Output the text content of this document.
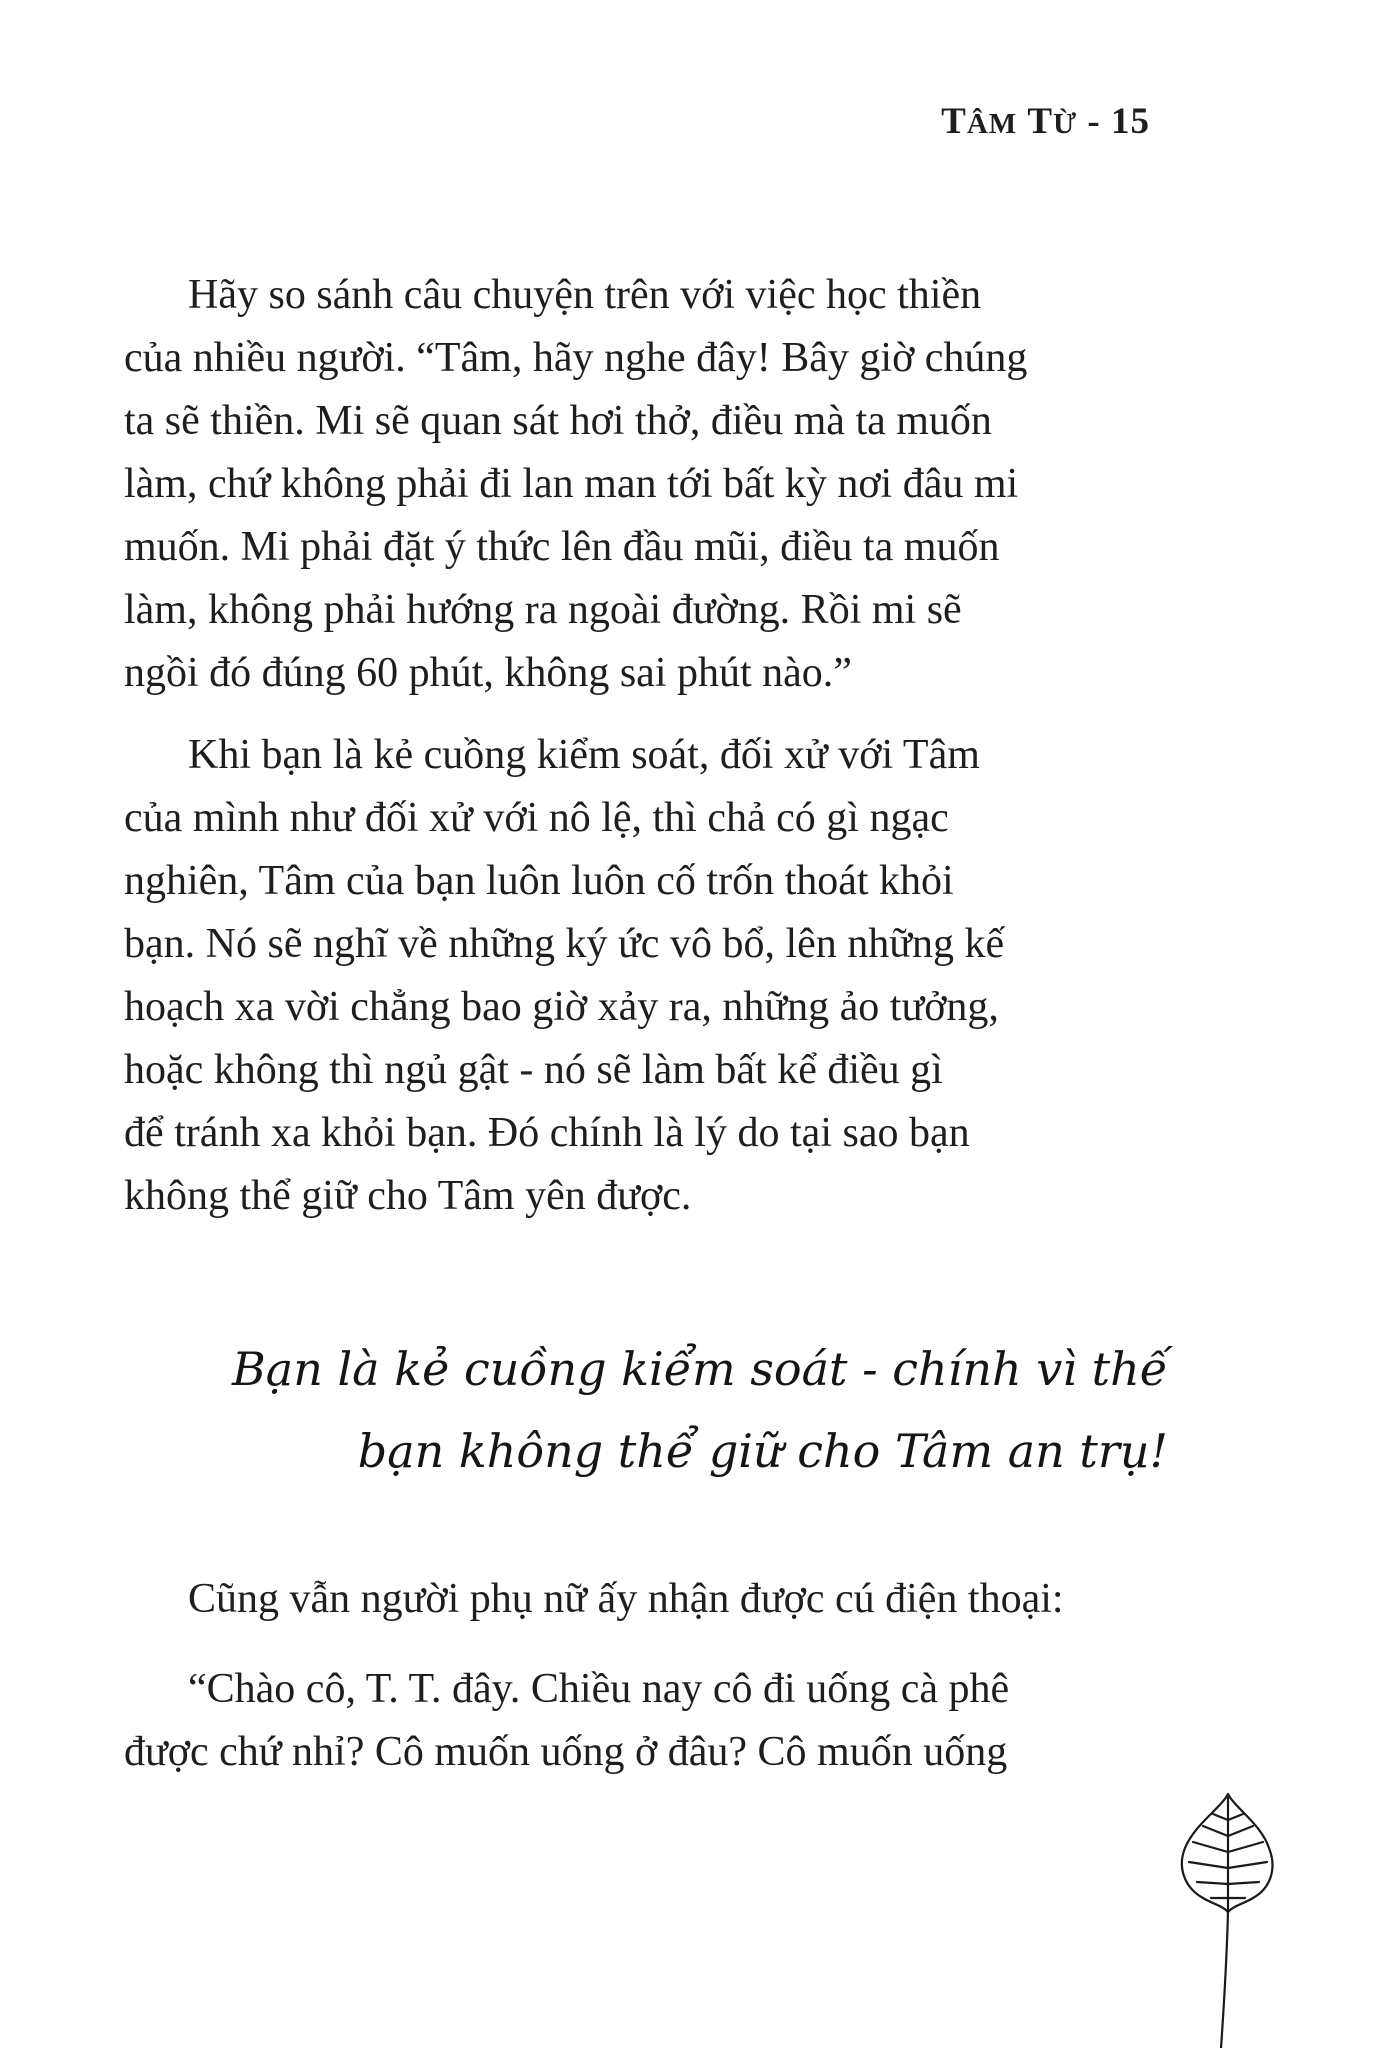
TÂM TỪ - 15

Hãy so sánh câu chuyện trên với việc học thiền
của nhiều người. “Tâm, hãy nghe đây! Bây giờ chúng
ta sẽ thiền. Mi sẽ quan sát hơi thở, điều mà ta muốn
làm, chứ không phải đi lan man tới bất kỳ nơi đâu mi
muốn. Mi phải đặt ý thức lên đầu mũi, điều ta muốn
làm, không phải hướng ra ngoài đường. Rồi mi sẽ
ngồi đó đúng 60 phút, không sai phút nào.”

Khi bạn là kẻ cuồng kiểm soát, đối xử với Tâm
của mình như đối xử với nô lệ, thì chả có gì ngạc
nghiên, Tâm của bạn luôn luôn cố trốn thoát khỏi
bạn. Nó sẽ nghĩ về những ký ức vô bổ, lên những kế
hoạch xa vời chẳng bao giờ xảy ra, những ảo tưởng,
hoặc không thì ngủ gật - nó sẽ làm bất kể điều gì
để tránh xa khỏi bạn. Đó chính là lý do tại sao bạn
không thể giữ cho Tâm yên được.

Bạn là kẻ cuồng kiểm soát - chính vì thế
bạn không thể giữ cho Tâm an trụ!

Cũng vẫn người phụ nữ ấy nhận được cú điện thoại:

“Chào cô, T. T. đây. Chiều nay cô đi uống cà phê
được chứ nhỉ? Cô muốn uống ở đâu? Cô muốn uống
